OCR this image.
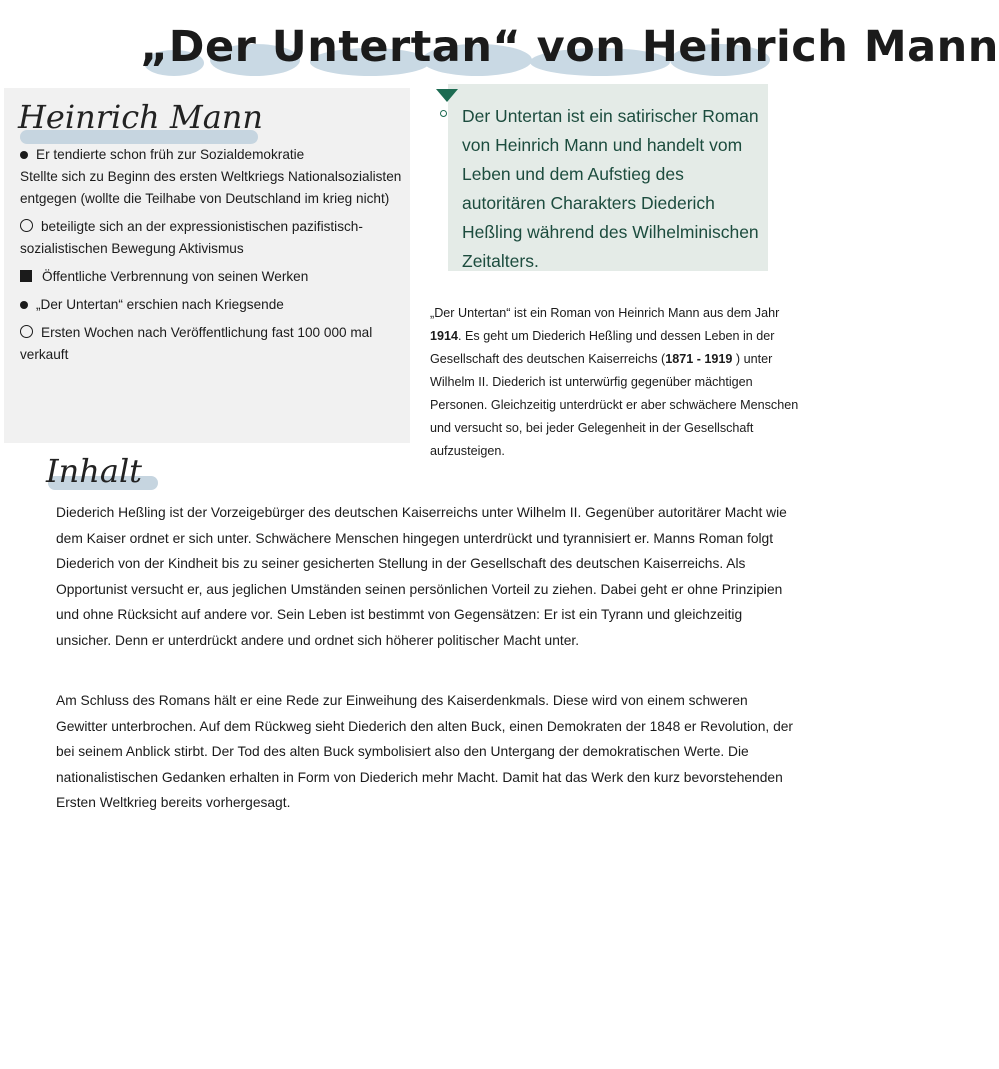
„Der Untertan“ von Heinrich Mann
Heinrich Mann
Er tendierte schon früh zur Sozialdemokratie
Stellte sich zu Beginn des ersten Weltkriegs Nationalsozialisten entgegen (wollte die Teilhabe von Deutschland im krieg nicht)
beteiligte sich an der expressionistischen pazifistisch-sozialistischen Bewegung Aktivismus
Öffentliche Verbrennung von seinen Werken
„Der Untertan“ erschien nach Kriegsende
Ersten Wochen nach Veröffentlichung fast 100 000 mal verkauft
Der Untertan ist ein satirischer Roman von Heinrich Mann und handelt vom Leben und dem Aufstieg des autoritären Charakters Diederich Heßling während des Wilhelminischen Zeitalters.
„Der Untertan“ ist ein Roman von Heinrich Mann aus dem Jahr 1914. Es geht um Diederich Heßling und dessen Leben in der Gesellschaft des deutschen Kaiserreichs (1871 - 1919 ) unter Wilhelm II. Diederich ist unterwürfig gegenüber mächtigen Personen. Gleichzeitig unterdrückt er aber schwächere Menschen und versucht so, bei jeder Gelegenheit in der Gesellschaft aufzusteigen.
Inhalt
Diederich Heßling ist der Vorzeigebürger des deutschen Kaiserreichs unter Wilhelm II. Gegenüber autoritärer Macht wie dem Kaiser ordnet er sich unter. Schwächere Menschen hingegen unterdrückt und tyrannisiert er. Manns Roman folgt Diederich von der Kindheit bis zu seiner gesicherten Stellung in der Gesellschaft des deutschen Kaiserreichs. Als Opportunist versucht er, aus jeglichen Umständen seinen persönlichen Vorteil zu ziehen. Dabei geht er ohne Prinzipien und ohne Rücksicht auf andere vor. Sein Leben ist bestimmt von Gegensätzen: Er ist ein Tyrann und gleichzeitig unsicher. Denn er unterdrückt andere und ordnet sich höherer politischer Macht unter.
Am Schluss des Romans hält er eine Rede zur Einweihung des Kaiserdenkmals. Diese wird von einem schweren Gewitter unterbrochen. Auf dem Rückweg sieht Diederich den alten Buck, einen Demokraten der 1848 er Revolution, der bei seinem Anblick stirbt. Der Tod des alten Buck symbolisiert also den Untergang der demokratischen Werte. Die nationalistischen Gedanken erhalten in Form von Diederich mehr Macht. Damit hat das Werk den kurz bevorstehenden Ersten Weltkrieg bereits vorhergesagt.
